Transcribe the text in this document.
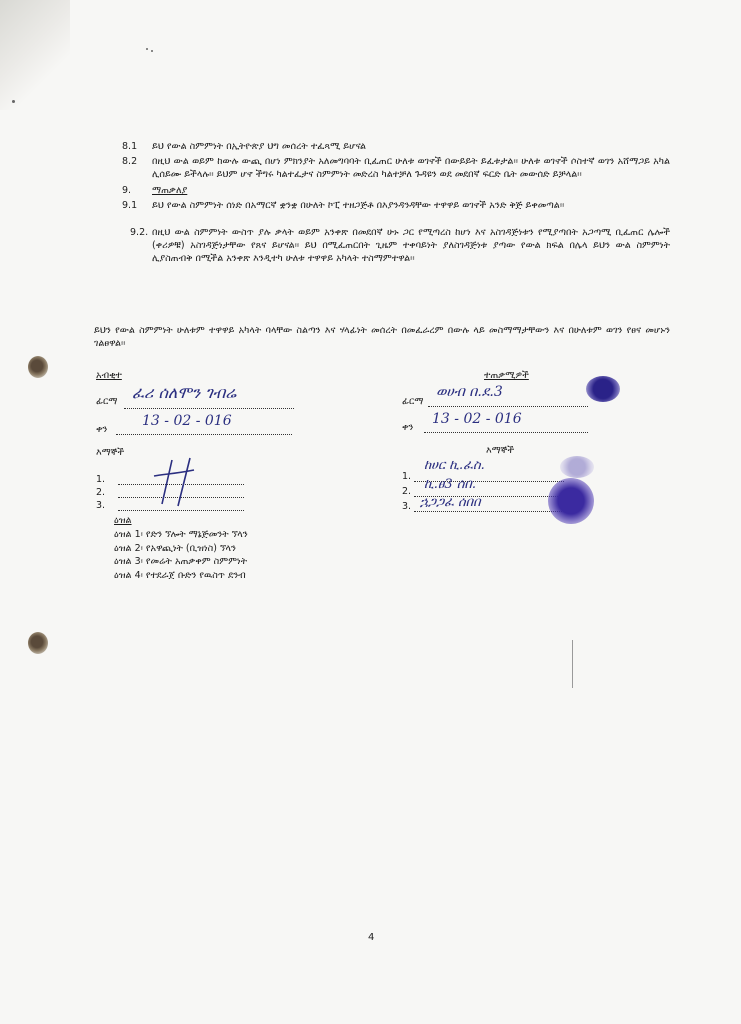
8.1	ይህ የውል ስምምነት በኢትዮጵያ ህግ መሰረት ተፈጻሚ ይሆናል
8.2	በዚህ ውል ወይም ከውሉ ውጪ በሆነ ምክንያት አለመግባባት ቢፈጠር ሁለቱ ወገኖች በውይይት ይፈቱታል፡፡ ሁለቱ ወገኖች ሶስተኛ ወገን አሸማጋይ አካል ሊሰይሙ ይችላሉ፡፡ ይህም ሆኖ ችግሩ ካልተፈታና ስምምነት መድረስ ካልተቻለ ጉዳዩን ወደ መደበኛ ፍርድ ቤት መውሰድ ይቻላል፡፡
9.	ማጠቃለያ
9.1	ይህ የውል ስምምነት ሰነድ በአማርኛ ቋንቋ በሁለት ኮፒ ተዘጋጅቶ በእያንዳንዳቸው ተዋዋይ ወገኖች አንድ ቅጅ ይቀመጣል፡፡
9.2. በዚህ ውል ስምምነት ውስጥ ያሉ ቃላት ወይም አንቀጽ በመደበኛ ሁኑ ጋር የሚጣረስ ከሆነ እና አስገዳጅነቱን የሚያጣበት አጋጣሚ ቢፈጠር ሌሎች (ቀሪዎቹ) አስገዳጅነታቸው የጸና ይሆናል፡፡ ይህ በሚፈጠርበት ጊዜም ተቀባይነት ያለስገዳጅነቱ ያጣው የውል ክፍል በሌላ ይህን ውል ስምምነት ሊያስጠብቅ በሚችል አንቀጽ እንዲተካ ሁለቱ ተዋዋይ አካላት ተስማምተዋል፡፡
ይህን የውል ስምምነት ሁለቱም ተዋዋይ አካላት ባላቸው ስልጣን እና ሃላፊነት መሰረት በመፈራረም በውሉ ላይ መስማማታቸውን እና በሁለቱም ወገን የፀና መሆኑን ገልፀዋል፡፡
አብቂተ
ፊርማ ፈሪ ሰለሞን ገብሬ
ቀን
13 - 02 - 016
ተጠቃሚዎች
ፊርማ
ወሀብ በ.ደ.3
ቀን
13 - 02 - 016
እማኞች
1.
2.
3.
እማኞች
1.
ከሀር ኪ.ፈስ.
2. ኪ.ፀ3 ሰበ.
3. ኋጋጋፈ ሰበበ
ዕዝል
ዕዝል 1፡ የድን ኘሎት ማኔጅመንት ኘላን
ዕዝል 2፡ የአዋጪነት (ቢዝነስ) ኘላን
ዕዝል 3፡ የመሬት አጠቃቀም ስምምነት
ዕዝል 4፡ የተደራጀ ቡድን የዉስጥ ደንብ
4
